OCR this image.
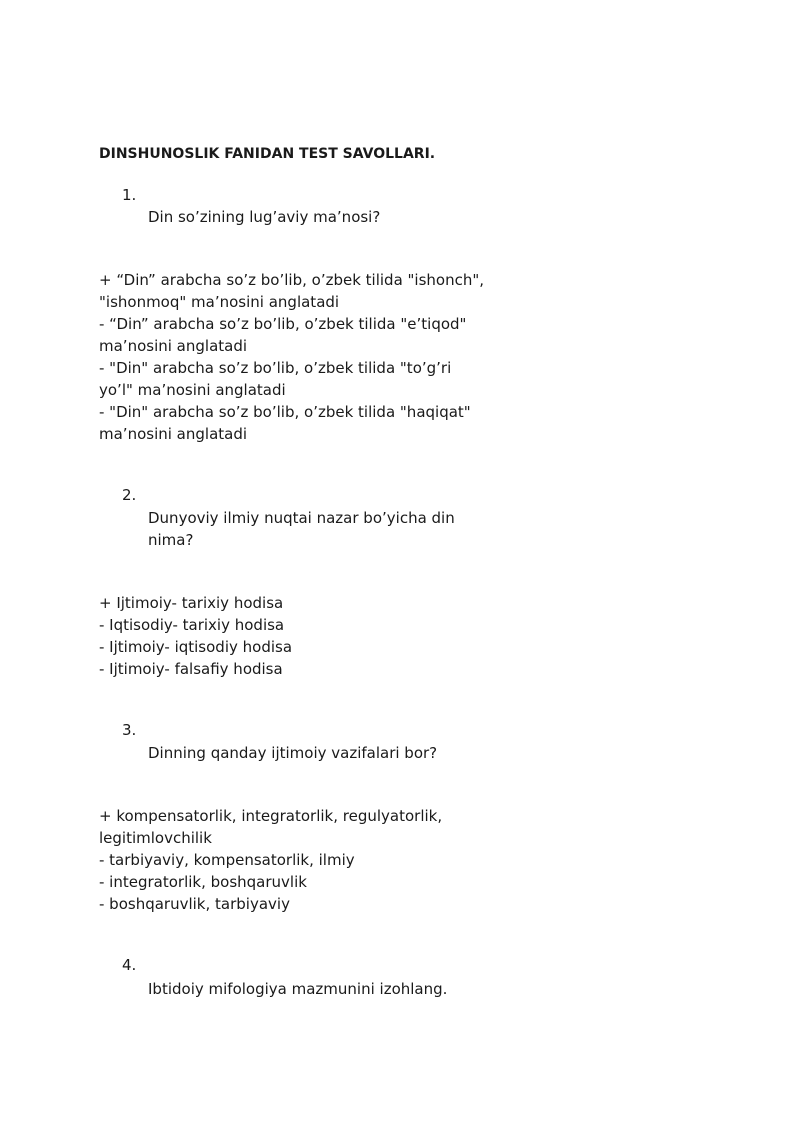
DINSHUNOSLIK FANIDAN TEST SAVOLLARI.
1.
Din so’zining lug’aviy ma’nosi?
+ “Din” arabcha so’z bo’lib, o’zbek tilida "ishonch", "ishonmoq" ma’nosini anglatadi
- “Din” arabcha so’z bo’lib, o’zbek tilida "e’tiqod" ma’nosini anglatadi
- "Din" arabcha so’z bo’lib, o’zbek tilida "to’g’ri yo’l" ma’nosini anglatadi
- "Din" arabcha so’z bo’lib, o’zbek tilida "haqiqat" ma’nosini anglatadi
2.
Dunyoviy ilmiy nuqtai nazar bo’yicha din nima?
+ Ijtimoiy- tarixiy hodisa
- Iqtisodiy- tarixiy hodisa
- Ijtimoiy- iqtisodiy hodisa
- Ijtimoiy- falsafiy hodisa
3.
Dinning qanday ijtimoiy vazifalari bor?
+ kompensatorlik, integratorlik, regulyatorlik, legitimlovchilik
- tarbiyaviy, kompensatorlik, ilmiy
- integratorlik, boshqaruvlik
- boshqaruvlik, tarbiyaviy
4.
Ibtidoiy mifologiya mazmunini izohlang.
